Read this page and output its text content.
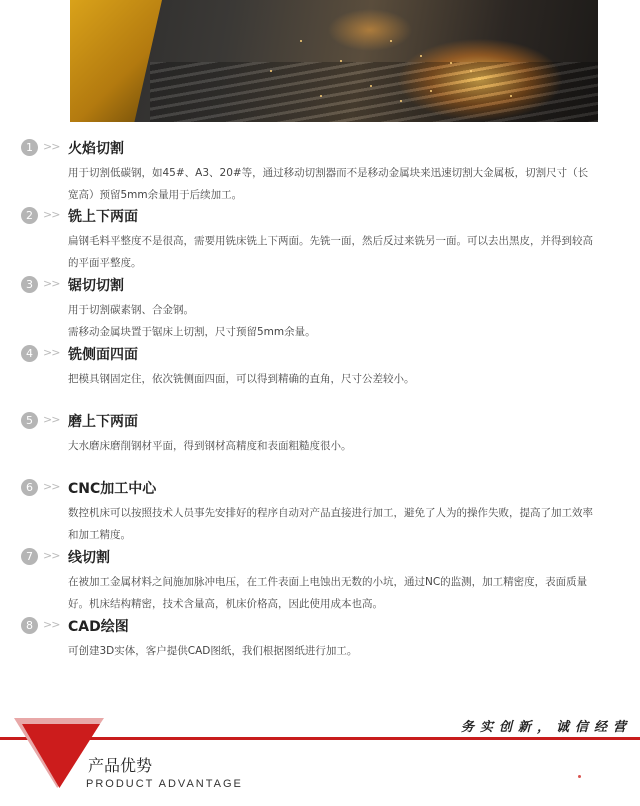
1 >> 火焰切割

用于切割低碳钢，如45#、A3、20#等，通过移动切割器而不是移动金属块来迅速切割大金属板，切割尺寸（长宽高）预留5mm余量用于后续加工。

2 >> 铣上下两面

扁钢毛料平整度不是很高，需要用铣床铣上下两面。先铣一面，然后反过来铣另一面。可以去出黑皮，并得到较高的平面平整度。

3 >> 锯切切割

用于切割碳素钢、合金钢。

需移动金属块置于锯床上切割，尺寸预留5mm余量。

4 >> 铣侧面四面

把模具钢固定住，依次铣侧面四面，可以得到精确的直角，尺寸公差较小。

5 >> 磨上下两面

大水磨床磨削钢材平面，得到钢材高精度和表面粗糙度很小。

6 >> CNC加工中心

数控机床可以按照技术人员事先安排好的程序自动对产品直接进行加工，避免了人为的操作失败，提高了加工效率和加工精度。

7 >> 线切割

在被加工金属材料之间施加脉冲电压，在工件表面上电蚀出无数的小坑，通过NC的监测，加工精密度，表面质量好。机床结构精密，技术含量高，机床价格高，因此使用成本也高。

8 >> CAD绘图

可创建3D实体，客户提供CAD图纸，我们根据图纸进行加工。

务实创新，诚信经营
产品优势
PRODUCT ADVANTAGE
